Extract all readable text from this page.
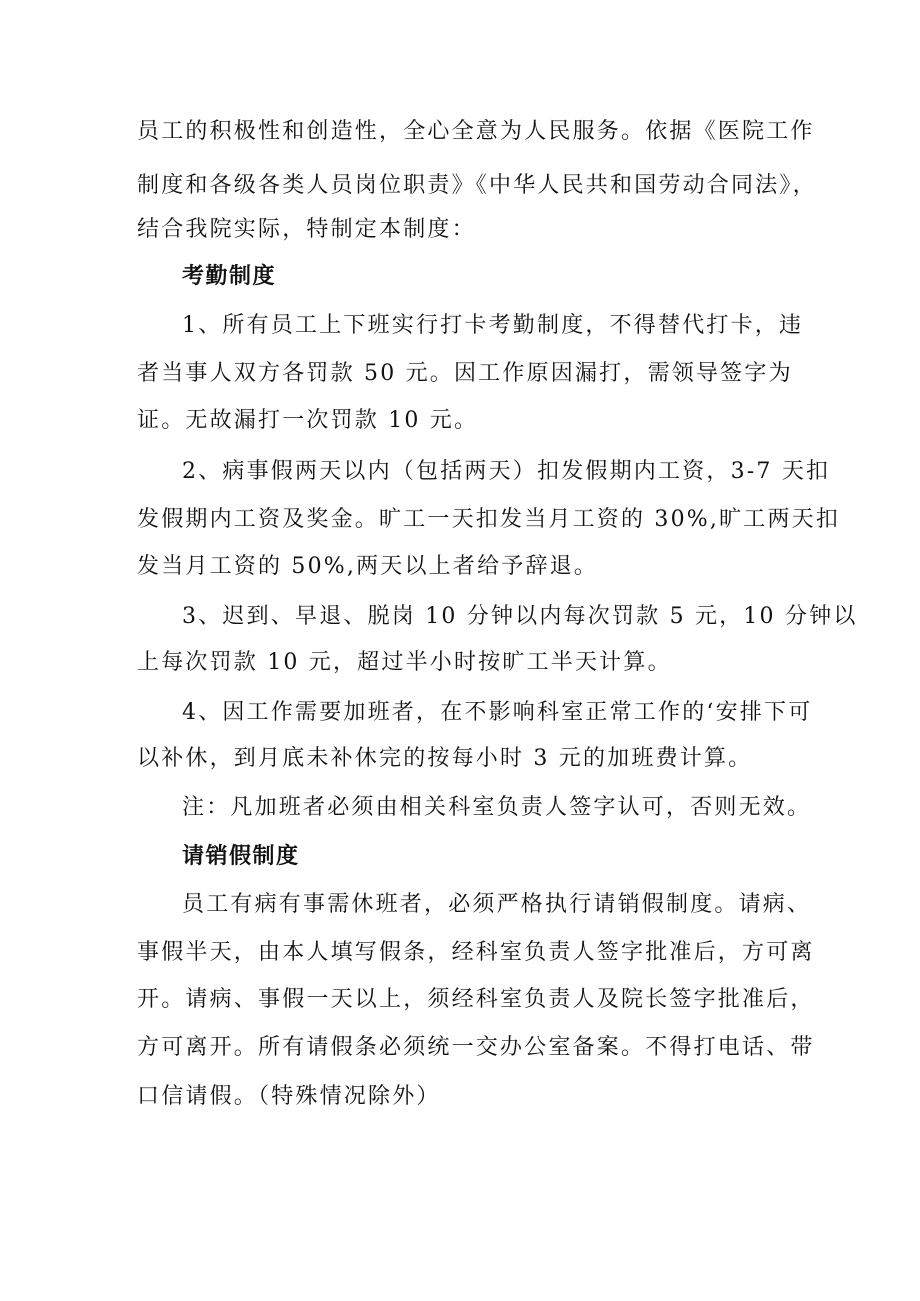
员工的积极性和创造性，全心全意为人民服务。依据《医院工作
制度和各级各类人员岗位职责》《中华人民共和国劳动合同法》，
结合我院实际，特制定本制度：
考勤制度
1、所有员工上下班实行打卡考勤制度，不得替代打卡，违
者当事人双方各罚款 50 元。因工作原因漏打，需领导签字为
证。无故漏打一次罚款 10 元。
2、病事假两天以内（包括两天）扣发假期内工资，3-7 天扣
发假期内工资及奖金。旷工一天扣发当月工资的 30%,旷工两天扣
发当月工资的 50%,两天以上者给予辞退。
3、迟到、早退、脱岗 10 分钟以内每次罚款 5 元，10 分钟以
上每次罚款 10 元，超过半小时按旷工半天计算。
4、因工作需要加班者，在不影响科室正常工作的‘安排下可
以补休，到月底未补休完的按每小时 3 元的加班费计算。
注：凡加班者必须由相关科室负责人签字认可，否则无效。
请销假制度
员工有病有事需休班者，必须严格执行请销假制度。请病、
事假半天，由本人填写假条，经科室负责人签字批准后，方可离
开。请病、事假一天以上，须经科室负责人及院长签字批准后，
方可离开。所有请假条必须统一交办公室备案。不得打电话、带
口信请假。（特殊情况除外）
